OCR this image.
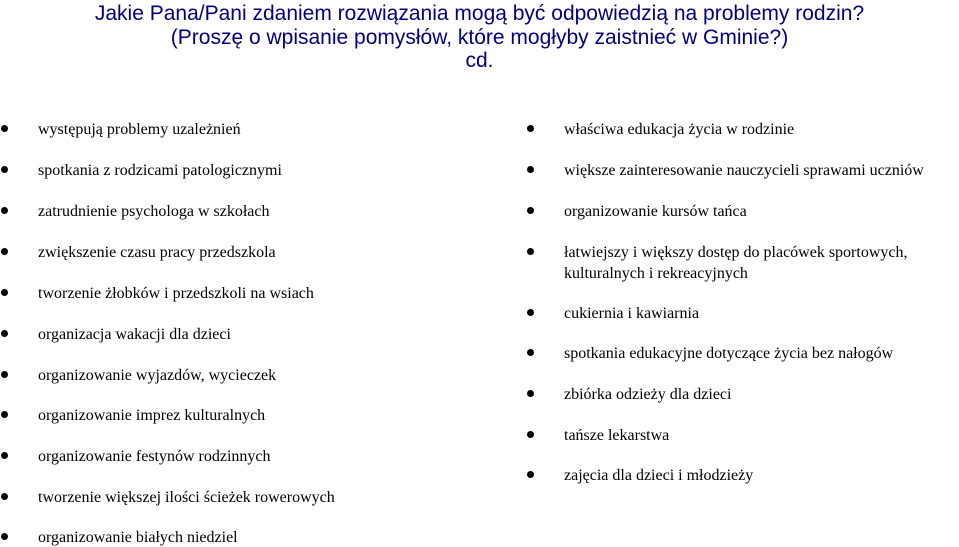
Jakie Pana/Pani zdaniem rozwiązania mogą być odpowiedzią na problemy rodzin?
(Proszę o wpisanie pomysłów, które mogłyby zaistnieć w Gminie?)
cd.
występują problemy uzależnień
spotkania z rodzicami patologicznymi
zatrudnienie psychologa w szkołach
zwiększenie czasu pracy przedszkola
tworzenie żłobków i przedszkoli na wsiach
organizacja wakacji dla dzieci
organizowanie wyjazdów, wycieczek
organizowanie imprez kulturalnych
organizowanie festynów rodzinnych
tworzenie większej ilości ścieżek rowerowych
organizowanie białych niedziel
właściwa edukacja życia w rodzinie
większe zainteresowanie nauczycieli sprawami uczniów
organizowanie kursów tańca
łatwiejszy i większy dostęp do placówek sportowych,
kulturalnych i rekreacyjnych
cukiernia i kawiarnia
spotkania edukacyjne dotyczące życia bez nałogów
zbiórka odzieży dla dzieci
tańsze lekarstwa
zajęcia dla dzieci i młodzieży
